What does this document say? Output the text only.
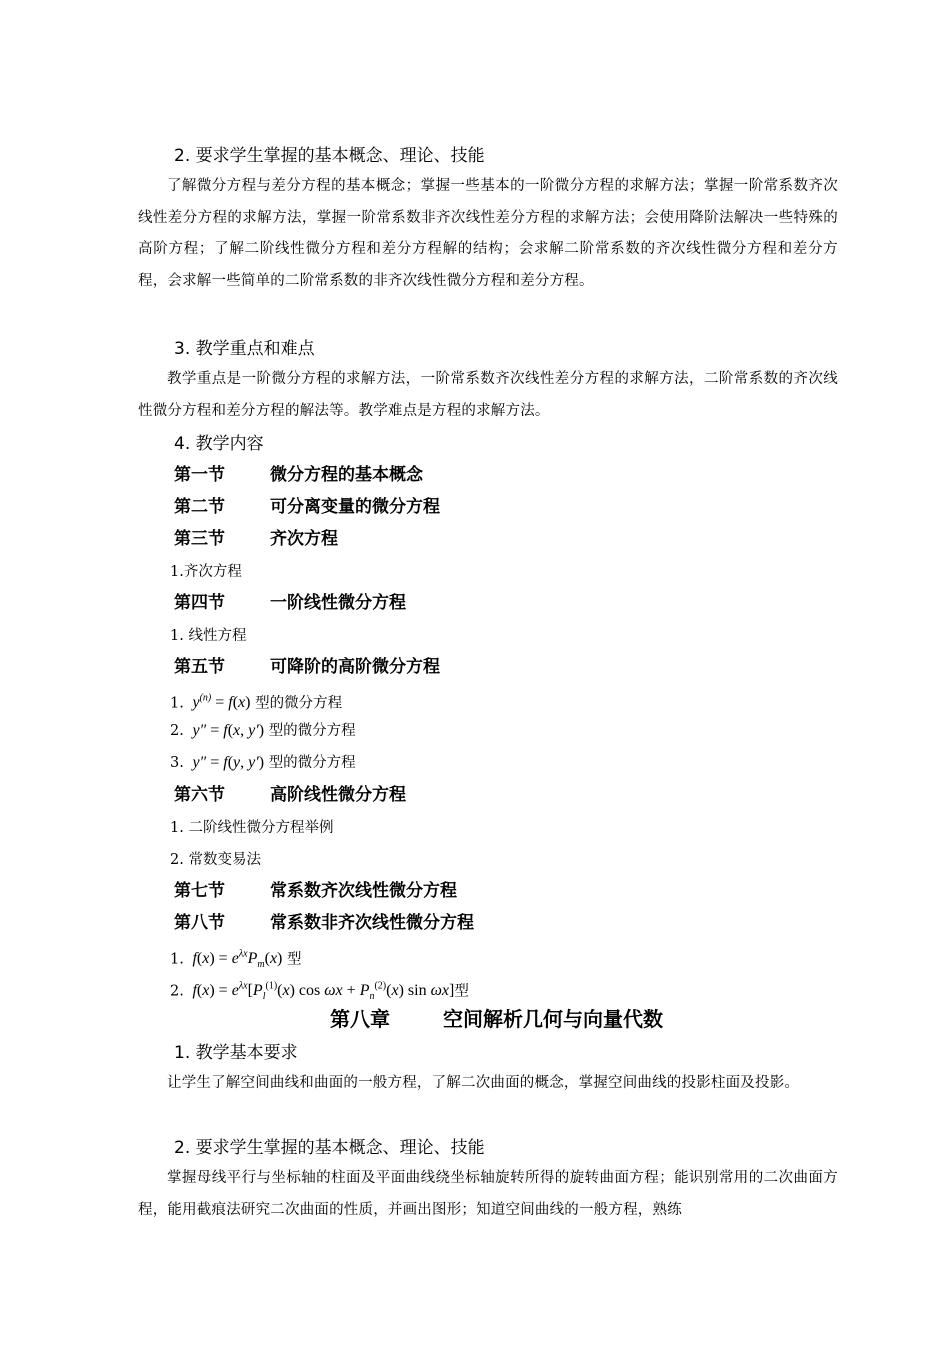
2. 要求学生掌握的基本概念、理论、技能
了解微分方程与差分方程的基本概念；掌握一些基本的一阶微分方程的求解方法；掌握一阶常系数齐次线性差分方程的求解方法，掌握一阶常系数非齐次线性差分方程的求解方法；会使用降阶法解决一些特殊的高阶方程；了解二阶线性微分方程和差分方程解的结构；会求解二阶常系数的齐次线性微分方程和差分方程，会求解一些简单的二阶常系数的非齐次线性微分方程和差分方程。
3. 教学重点和难点
教学重点是一阶微分方程的求解方法，一阶常系数齐次线性差分方程的求解方法，二阶常系数的齐次线性微分方程和差分方程的解法等。教学难点是方程的求解方法。
4. 教学内容
第一节	微分方程的基本概念
第二节	可分离变量的微分方程
第三节	齐次方程
1.齐次方程
第四节	一阶线性微分方程
1. 线性方程
第五节	可降阶的高阶微分方程
1.  $y^{(n)} = f(x)$ 型的微分方程
2.  y″ = f(x, y′) 型的微分方程
3.  y″ = f(y, y′) 型的微分方程
第六节	高阶线性微分方程
1. 二阶线性微分方程举例
2. 常数变易法
第七节	常系数齐次线性微分方程
第八节	常系数非齐次线性微分方程
1.  $f(x) = e^{\lambda x}P_m(x)$ 型
2.  $f(x) = e^{\lambda x}[P_l^{(1)}(x)$ $\cos \omega x + P_n^{(2)}(x)$ sin ωx]型
第八章	空间解析几何与向量代数
1. 教学基本要求
让学生了解空间曲线和曲面的一般方程，了解二次曲面的概念，掌握空间曲线的投影柱面及投影。
2. 要求学生掌握的基本概念、理论、技能
掌握母线平行与坐标轴的柱面及平面曲线绕坐标轴旋转所得的旋转曲面方程；能识别常用的二次曲面方程，能用截痕法研究二次曲面的性质，并画出图形；知道空间曲线的一般方程，熟练
